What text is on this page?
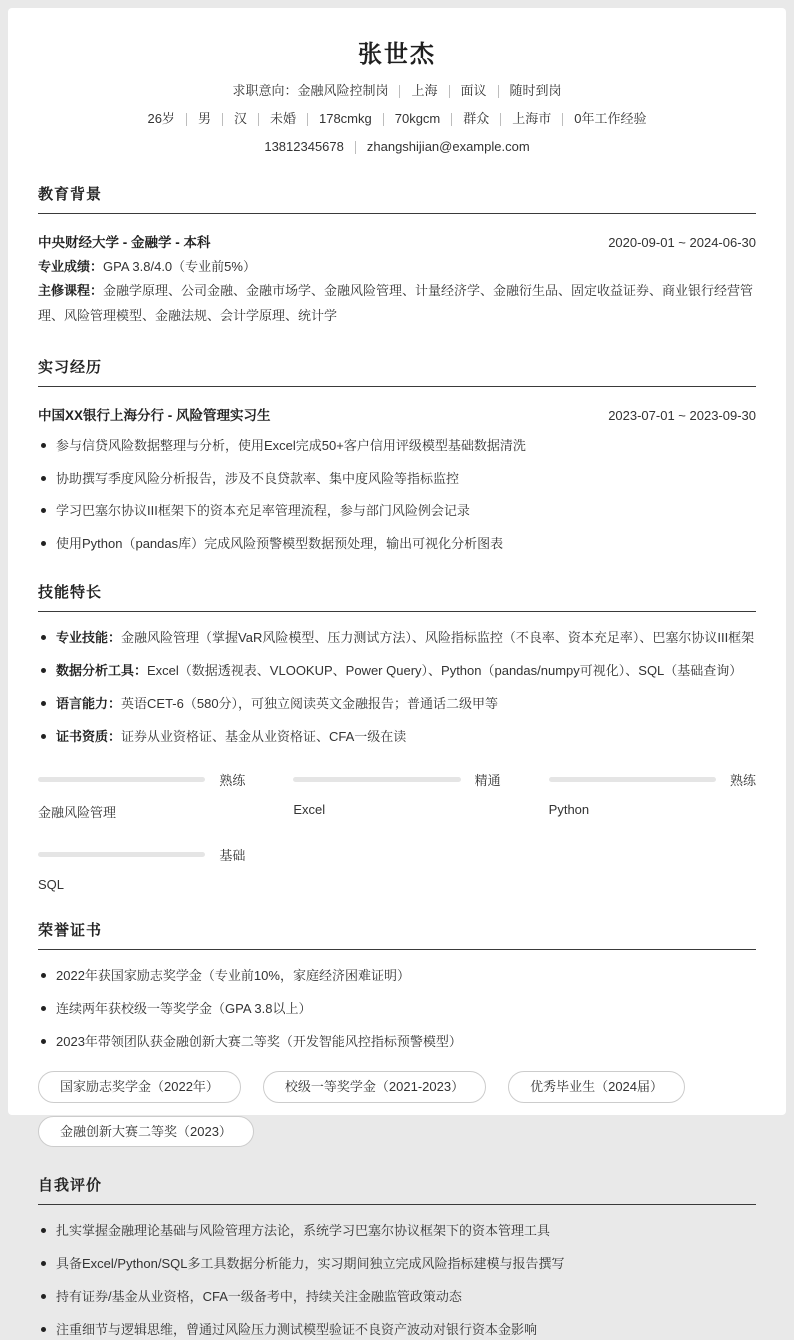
张世杰
求职意向： 金融风险控制岗 上海 面议 随时到岗
26岁 男 汉 未婚 178cmkg 70kgcm 群众 上海市 0年工作经验
13812345678 zhangshijian@example.com
教育背景
中央财经大学 - 金融学 - 本科	2020-09-01 ~ 2024-06-30
专业成绩：GPA 3.8/4.0（专业前5%）
主修课程：金融学原理、公司金融、金融市场学、金融风险管理、计量经济学、金融衍生品、固定收益证券、商业银行经营管理、风险管理模型、金融法规、会计学原理、统计学
实习经历
中国XX银行上海分行 - 风险管理实习生	2023-07-01 ~ 2023-09-30
参与信贷风险数据整理与分析，使用Excel完成50+客户信用评级模型基础数据清洗
协助撰写季度风险分析报告，涉及不良贷款率、集中度风险等指标监控
学习巴塞尔协议III框架下的资本充足率管理流程，参与部门风险例会记录
使用Python（pandas库）完成风险预警模型数据预处理，输出可视化分析图表
技能特长
专业技能：金融风险管理（掌握VaR风险模型、压力测试方法）、风险指标监控（不良率、资本充足率）、巴塞尔协议III框架
数据分析工具：Excel（数据透视表、VLOOKUP、Power Query）、Python（pandas/numpy可视化）、SQL（基础查询）
语言能力：英语CET-6（580分），可独立阅读英文金融报告；普通话二级甲等
证书资质：证券从业资格证、基金从业资格证、CFA一级在读
熟练
金融风险管理
精通
Excel
熟练
Python
基础
SQL
荣誉证书
2022年获国家励志奖学金（专业前10%，家庭经济困难证明）
连续两年获校级一等奖学金（GPA 3.8以上）
2023年带领团队获金融创新大赛二等奖（开发智能风控指标预警模型）
国家励志奖学金（2022年）	校级一等奖学金（2021-2023）	优秀毕业生（2024届）
金融创新大赛二等奖（2023）
自我评价
扎实掌握金融理论基础与风险管理方法论，系统学习巴塞尔协议框架下的资本管理工具
具备Excel/Python/SQL多工具数据分析能力，实习期间独立完成风险指标建模与报告撰写
持有证券/基金从业资格，CFA一级备考中，持续关注金融监管政策动态
注重细节与逻辑思维，曾通过风险压力测试模型验证不良资产波动对银行资本金影响
